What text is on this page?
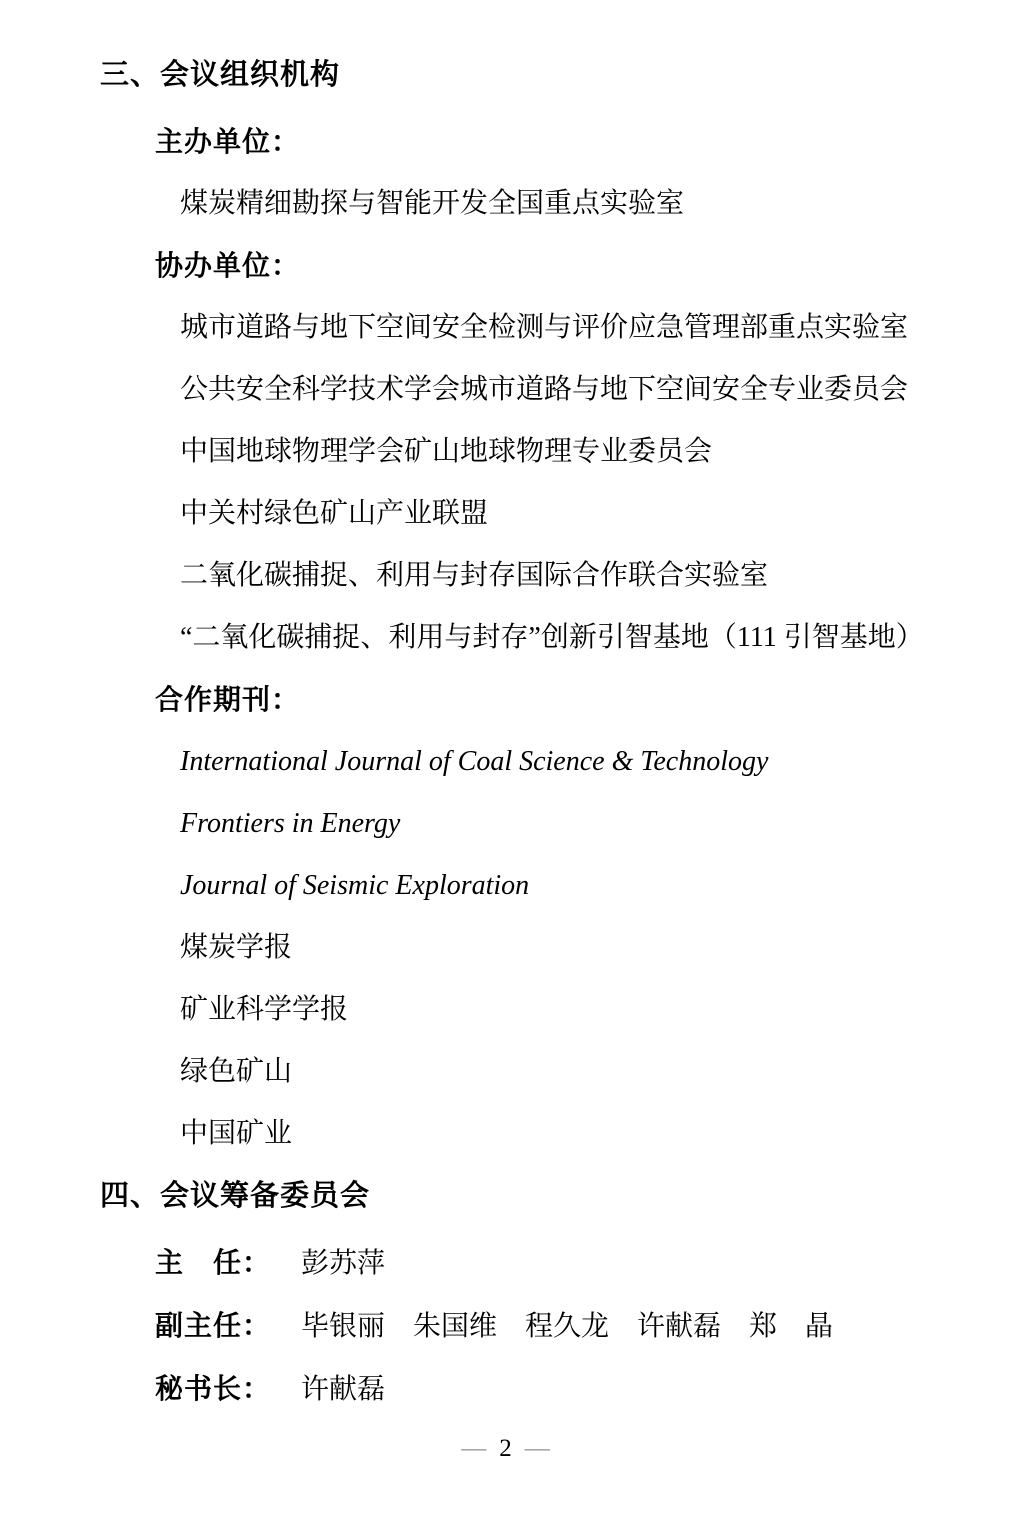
三、会议组织机构
主办单位：

煤炭精细勘探与智能开发全国重点实验室

协办单位：

城市道路与地下空间安全检测与评价应急管理部重点实验室

公共安全科学技术学会城市道路与地下空间安全专业委员会

中国地球物理学会矿山地球物理专业委员会

中关村绿色矿山产业联盟

二氧化碳捕捉、利用与封存国际合作联合实验室

“二氧化碳捕捉、利用与封存”创新引智基地（111 引智基地）

合作期刊：

International Journal of Coal Science & Technology

Frontiers in Energy

Journal of Seismic Exploration

煤炭学报

矿业科学学报

绿色矿山

中国矿业

四、会议筹备委员会

主　任： 彭苏萍

副主任： 毕银丽　朱国维　程久龙　许献磊　郑　晶

秘书长： 许献磊

— 2 —
